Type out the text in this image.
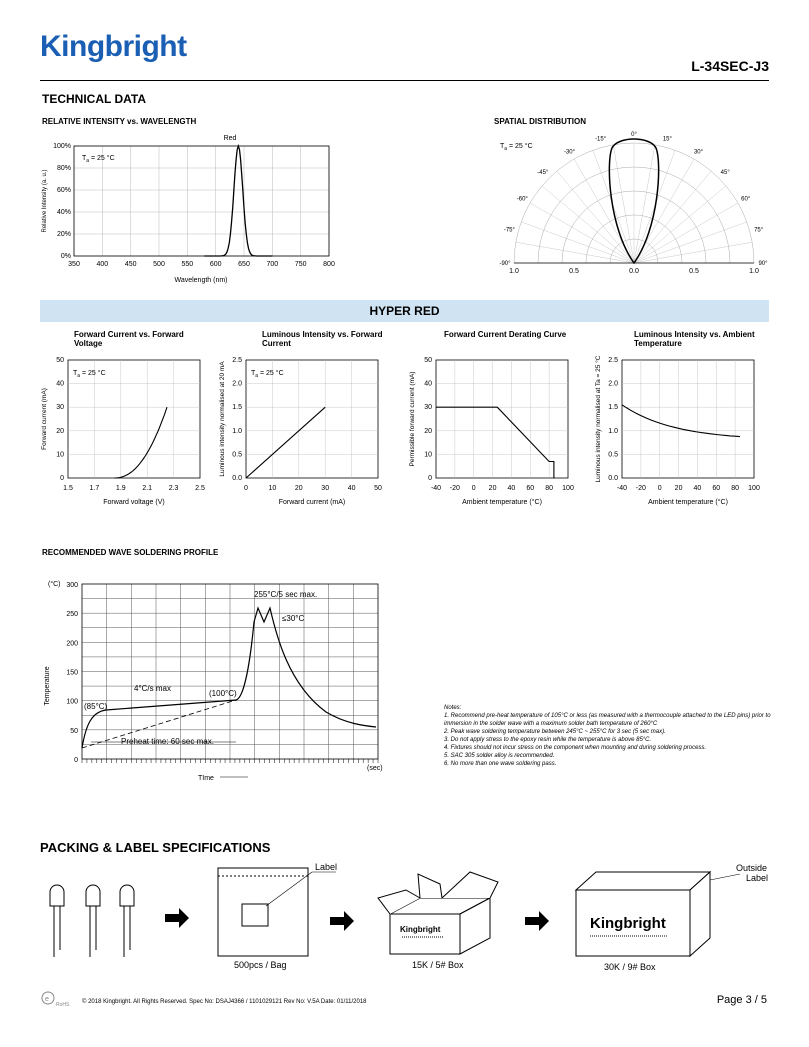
Kingbright
L-34SEC-J3
TECHNICAL DATA
RELATIVE INTENSITY vs. WAVELENGTH
Red
$T_a = 25$ °C
350 400 450 500 550 600 650 700 750 800
0%
20%
40%
60%
80%
100%
Wavelength (nm)
Relative Intensity (a. u.)
SPATIAL DISTRIBUTION
$T_a = 25$ °C
0°
15°
30°
45°
60°
75°
90°
-15°
-30°
-45°
-60°
-75°
-90°
1.0	0.5	0.0	0.5	1.0
HYPER RED
Forward Current vs. Forward Voltage
Luminous Intensity vs. Forward Current
Forward Current Derating Curve	Luminous Intensity vs. Ambient Temperature
1.5 1.7 1.9 2.1 2.3 2.5
0
10
20
30
40
50
Forward voltage (V)
Forward current (mA)
$T_a = 25$ °C
0	10	20	30	40	50
0.0
0.5
1.0
1.5
2.0
2.5
Forward current (mA)
Luminous intensity normalised at 20 mA	$T_a = 25$ °C
-40 -20 0 20 40 60 80 100
0
10
20
30
40
50
Ambient temperature (°C)
Permissible forward current (mA)
-40 -20 0 20 40 60 80 100
0.0
0.5
1.0
1.5
2.0
2.5
Ambient temperature (°C)
Luminous intensity normalised at Ta = 25 °C
RECOMMENDED WAVE SOLDERING PROFILE
300
250
200
150
100
50
0
(°C)
Temperature
TIme
(sec)
255°C/5 sec max.
≤30°C
4°C/s max
(100°C)
(85°C)
Preheat time: 60 sec max.
Notes:
1. Recommend pre-heat temperature of 105°C or less (as measured with a thermocouple attached to the LED pins) prior to immersion in the solder wave with a maximum solder bath temperature of 260°C
2. Peak wave soldering temperature between 245°C ~ 255°C for 3 sec (5 sec max).
3. Do not apply stress to the epoxy resin while the temperature is above 85°C.
4. Fixtures should not incur stress on the component when mounting and during soldering process.
5. SAC 305 solder alloy is recommended.
6. No more than one wave soldering pass.
PACKING & LABEL SPECIFICATIONS
Label
500pcs / Bag
Kingbright
15K / 5# Box
Outside
Label
Kingbright
30K / 9# Box
e
RoHS © 2018 Kingbright. All Rights Reserved. Spec No: DSAJ4366 / 1101029121 Rev No: V.5A Date: 01/11/2018	Page 3 / 5
